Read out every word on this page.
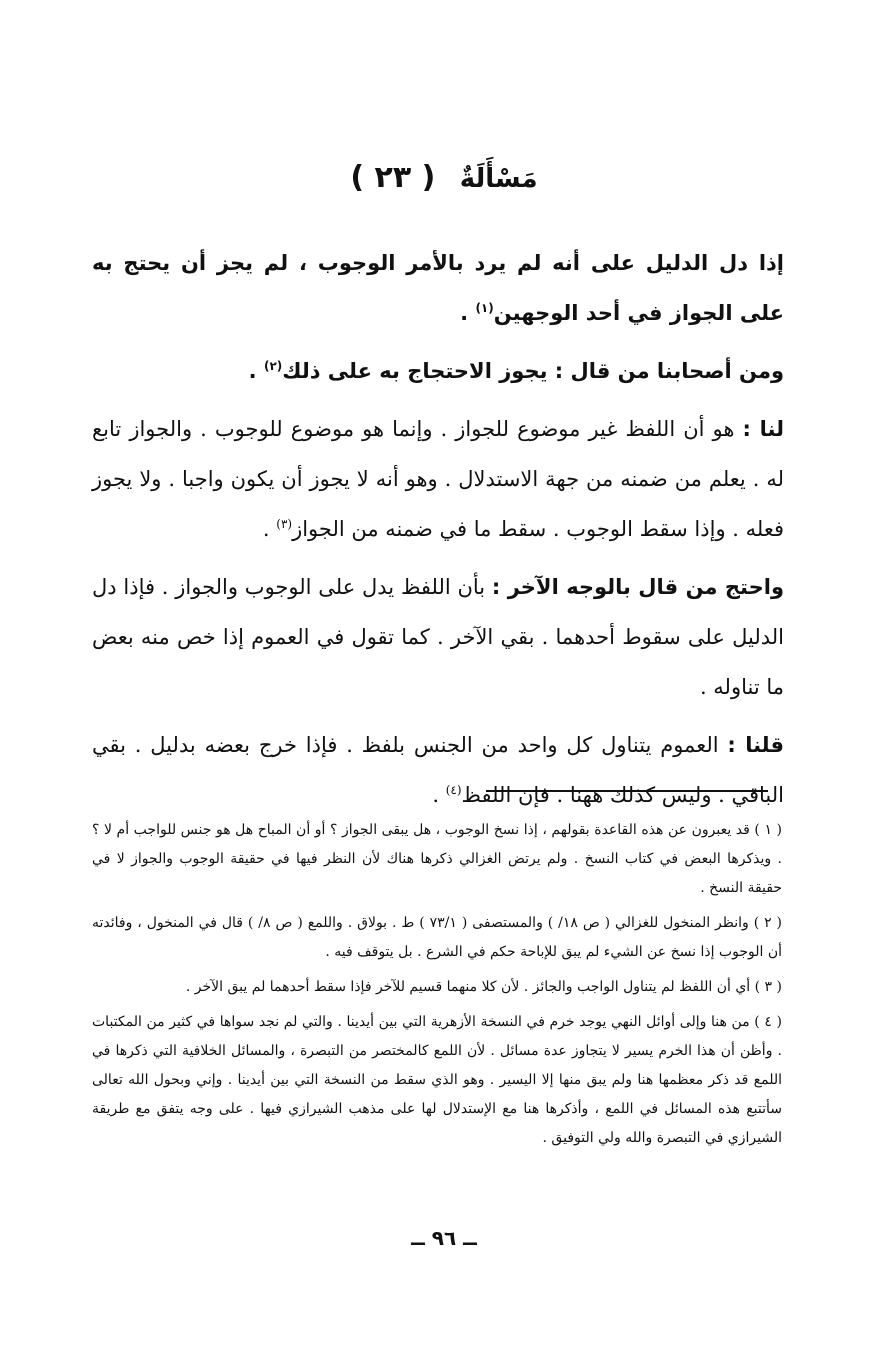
مَسْأَلَةٌ ( ٢٣ )

إذا دل الدليل على أنه لم يرد بالأمر الوجوب ، لم يجز أن يحتج به على الجواز في أحد الوجهين$^{(١)}$ .

ومن أصحابنا من قال : يجوز الاحتجاج به على ذلك$^{(٢)}$ .

لنا : هو أن اللفظ غير موضوع للجواز . وإنما هو موضوع للوجوب . والجواز تابع له . يعلم من ضمنه من جهة الاستدلال . وهو أنه لا يجوز أن يكون واجبا . ولا يجوز فعله . وإذا سقط الوجوب . سقط ما في ضمنه من الجواز$^{(٣)}$ .

واحتج من قال بالوجه الآخر : بأن اللفظ يدل على الوجوب والجواز . فإذا دل الدليل على سقوط أحدهما . بقي الآخر . كما تقول في العموم إذا خص منه بعض ما تناوله .

قلنا : العموم يتناول كل واحد من الجنس بلفظ . فإذا خرج بعضه بدليل . بقي الباقي . وليس كذلك ههنا . فإن اللفظ$^{(٤)}$ .

( ١ ) قد يعبرون عن هذه القاعدة بقولهم ، إذا نسخ الوجوب ، هل يبقى الجواز ؟ أو أن المباح هل هو جنس للواجب أم لا ؟ . ويذكرها البعض في كتاب النسخ . ولم يرتض الغزالي ذكرها هناك لأن النظر فيها في حقيقة الوجوب والجواز لا في حقيقة النسخ .

( ٢ ) وانظر المنخول للغزالي ( ص ١٨/ ) والمستصفى ( ٧٣/١ ) ط . بولاق . واللمع ( ص ٨/ ) قال في المنخول ، وفائدته أن الوجوب إذا نسخ عن الشيء لم يبق للإباحة حكم في الشرع . بل يتوقف فيه .

( ٣ ) أي أن اللفظ لم يتناول الواجب والجائز . لأن كلا منهما قسيم للآخر فإذا سقط أحدهما لم يبق الآخر .

( ٤ ) من هنا وإلى أوائل النهي يوجد خرم في النسخة الأزهرية التي بين أيدينا . والتي لم نجد سواها في كثير من المكتبات . وأظن أن هذا الخرم يسير لا يتجاوز عدة مسائل . لأن اللمع كالمختصر من التبصرة ، والمسائل الخلافية التي ذكرها في اللمع قد ذكر معظمها هنا ولم يبق منها إلا اليسير . وهو الذي سقط من النسخة التي بين أيدينا . وإني وبحول الله تعالى سأتتبع هذه المسائل في اللمع ، وأذكرها هنا مع الإستدلال لها على مذهب الشيرازي فيها . على وجه يتفق مع طريقة الشيرازي في التبصرة والله ولي التوفيق .

ــ ٩٦ ــ
